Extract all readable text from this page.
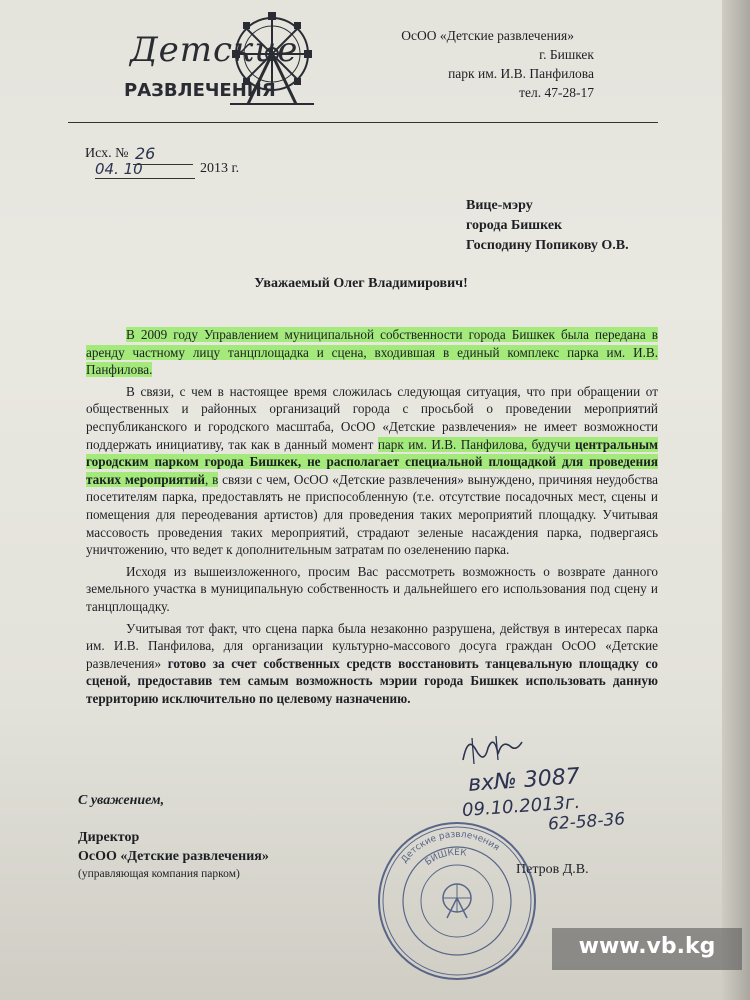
Детские
РАЗВЛЕЧЕНИЯ
ОсОО «Детские развлечения»
г. Бишкек
парк им. И.В. Панфилова
тел. 47-28-17
Исх. № 26
04. 10	2013 г.
Вице-мэру
города Бишкек
Господину Попикову О.В.
Уважаемый Олег Владимирович!

В 2009 году Управлением муниципальной собственности города Бишкек была передана в аренду частному лицу танцплощадка и сцена, входившая в единый комплекс парка им. И.В. Панфилова.

В связи, с чем в настоящее время сложилась следующая ситуация, что при обращении от общественных и районных организаций города с просьбой о проведении мероприятий республиканского и городского масштаба, ОсОО «Детские развлечения» не имеет возможности поддержать инициативу, так как в данный момент парк им. И.В. Панфилова, будучи центральным городским парком города Бишкек, не располагает специальной площадкой для проведения таких мероприятий, в связи с чем, ОсОО «Детские развлечения» вынуждено, причиняя неудобства посетителям парка, предоставлять не приспособленную (т.е. отсутствие посадочных мест, сцены и помещения для переодевания артистов) для проведения таких мероприятий площадку. Учитывая массовость проведения таких мероприятий, страдают зеленые насаждения парка, подвергаясь уничтожению, что ведет к дополнительным затратам по озеленению парка.

Исходя из вышеизложенного, просим Вас рассмотреть возможность о возврате данного земельного участка в муниципальную собственность и дальнейшего его использования под сцену и танцплощадку.

Учитывая тот факт, что сцена парка была незаконно разрушена, действуя в интересах парка им. И.В. Панфилова, для организации культурно-массового досуга граждан ОсОО «Детские развлечения» готово за счет собственных средств восстановить танцевальную площадку со сценой, предоставив тем самым возможность мэрии города Бишкек использовать данную территорию исключительно по целевому назначению.

вх№ 3087
09.10.2013г.
62-58-36
С уважением,
Директор
ОсОО «Детские развлечения»
(управляющая компания парком)	Петров Д.В.
Детские развлечения
БИШКЕК
www.vb.kg
